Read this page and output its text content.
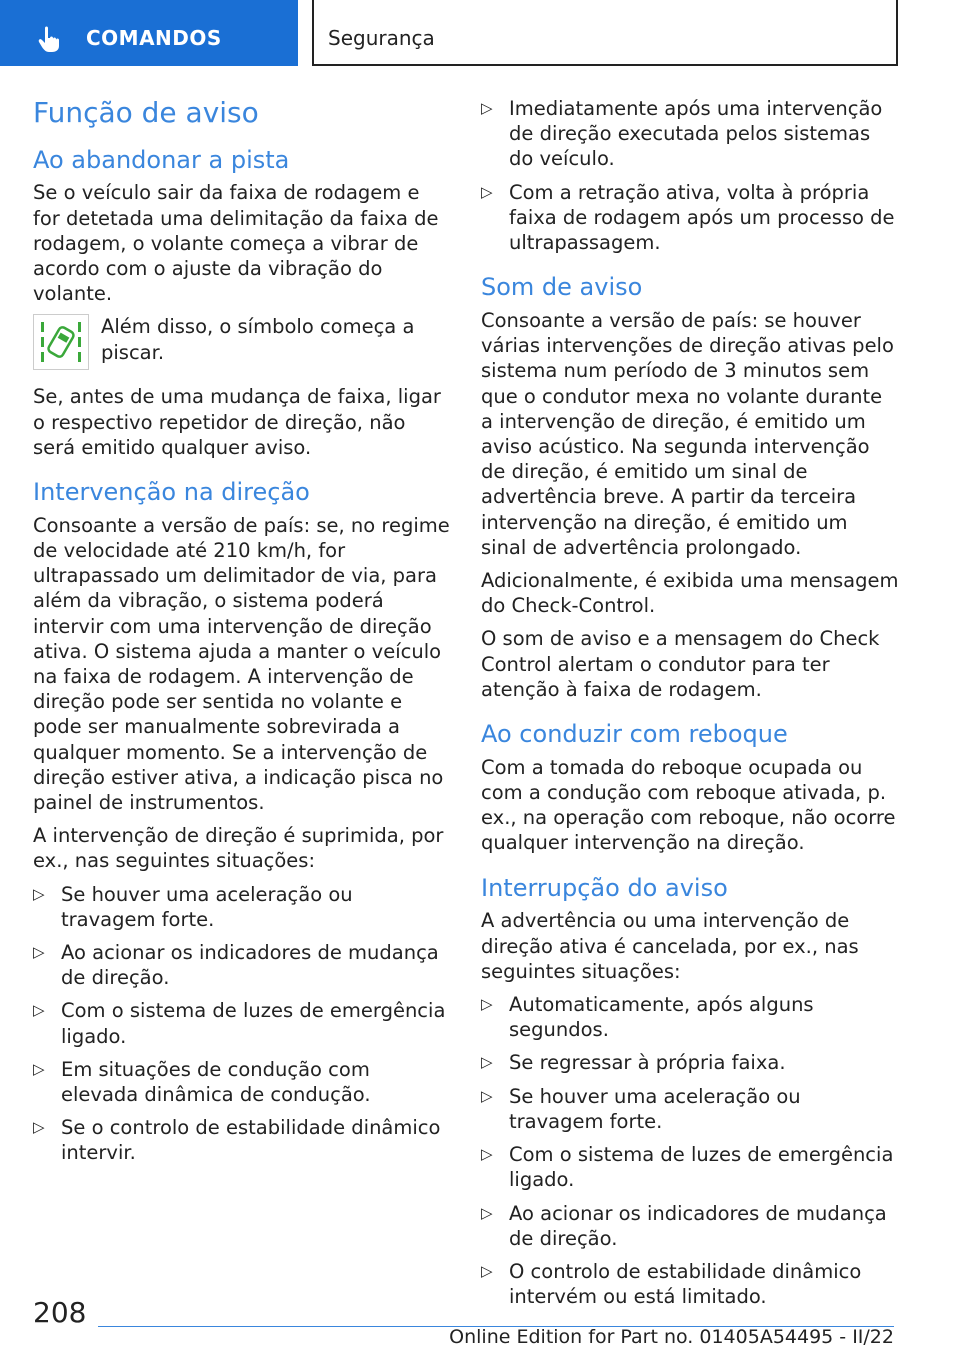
COMANDOS	Segurança
Função de aviso
Ao abandonar a pista

Se o veículo sair da faixa de rodagem e for detetada uma delimitação da faixa de rodagem, o volante começa a vibrar de acordo com o ajuste da vibração do volante.

Além disso, o símbolo começa a piscar.

Se, antes de uma mudança de faixa, ligar o respectivo repetidor de direção, não será emitido qualquer aviso.

Intervenção na direção

Consoante a versão de país: se, no regime de velocidade até 210 km/h, for ultrapassado um delimitador de via, para além da vibração, o sistema poderá intervir com uma intervenção de direção ativa. O sistema ajuda a manter o veículo na faixa de rodagem. A intervenção de direção pode ser sentida no volante e pode ser manualmente sobrevirada a qualquer momento. Se a intervenção de direção estiver ativa, a indicação pisca no painel de instrumentos.

A intervenção de direção é suprimida, por ex., nas seguintes situações:

▷ Se houver uma aceleração ou travagem forte.
▷ Ao acionar os indicadores de mudança de direção.
▷ Com o sistema de luzes de emergência ligado.
▷ Em situações de condução com elevada dinâmica de condução.
▷ Se o controlo de estabilidade dinâmico intervir.
▷ Imediatamente após uma intervenção de direção executada pelos sistemas do veículo.
▷ Com a retração ativa, volta à própria faixa de rodagem após um processo de ultrapassagem.
Som de aviso

Consoante a versão de país: se houver várias intervenções de direção ativas pelo sistema num período de 3 minutos sem que o condutor mexa no volante durante a intervenção de direção, é emitido um aviso acústico. Na segunda intervenção de direção, é emitido um sinal de advertência breve. A partir da terceira intervenção na direção, é emitido um sinal de advertência prolongado.

Adicionalmente, é exibida uma mensagem do Check-Control.

O som de aviso e a mensagem do Check Control alertam o condutor para ter atenção à faixa de rodagem.

Ao conduzir com reboque

Com a tomada do reboque ocupada ou com a condução com reboque ativada, p. ex., na operação com reboque, não ocorre qualquer intervenção na direção.

Interrupção do aviso

A advertência ou uma intervenção de direção ativa é cancelada, por ex., nas seguintes situações:

▷ Automaticamente, após alguns segundos.
▷ Se regressar à própria faixa.
▷ Se houver uma aceleração ou travagem forte.
▷ Com o sistema de luzes de emergência ligado.
▷ Ao acionar os indicadores de mudança de direção.
▷ O controlo de estabilidade dinâmico intervém ou está limitado.
208
Online Edition for Part no. 01405A54495 - II/22
